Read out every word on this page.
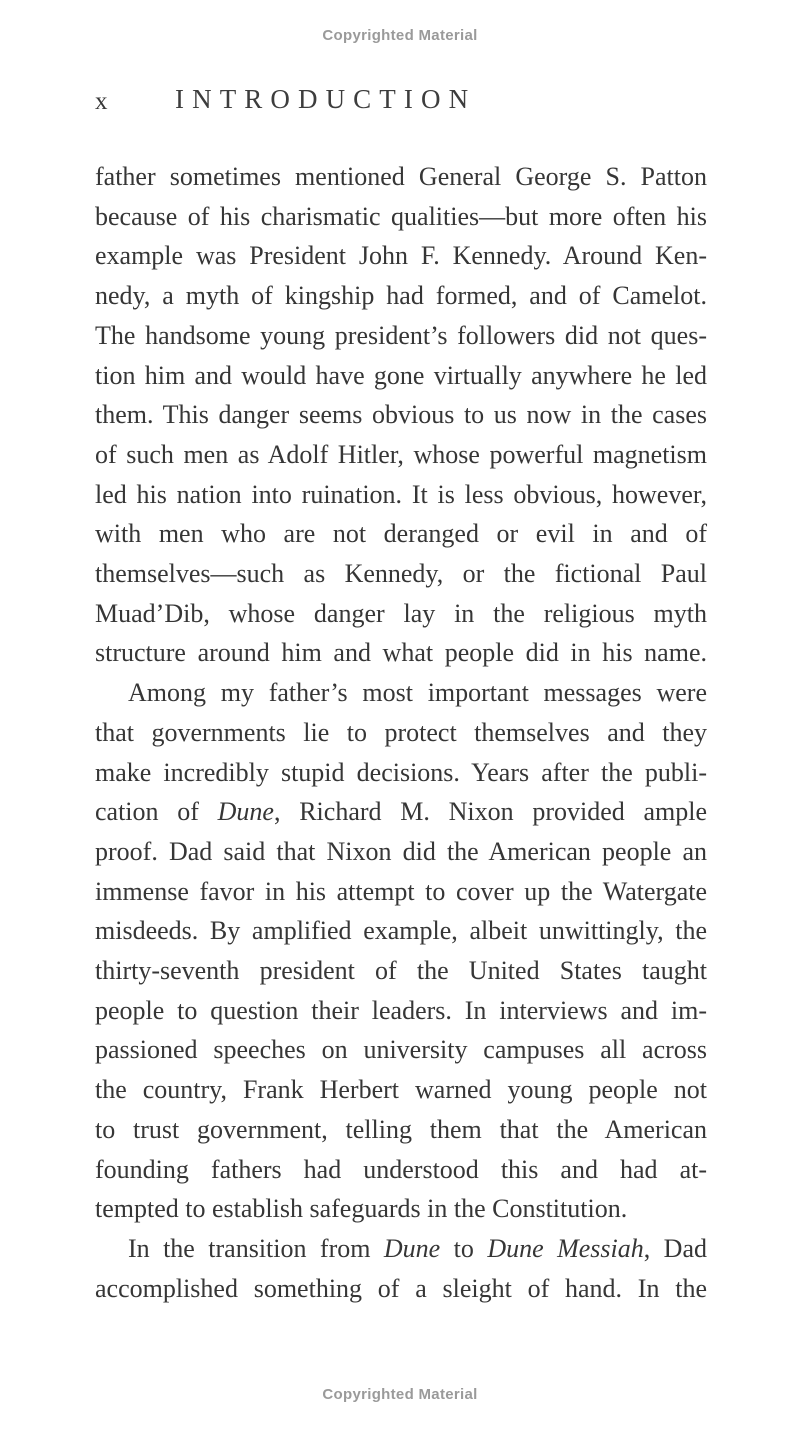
Copyrighted Material
x	INTRODUCTION
father sometimes mentioned General George S. Patton
because of his charismatic qualities—but more often his
example was President John F. Kennedy. Around Ken-
nedy, a myth of kingship had formed, and of Camelot.
The handsome young president’s followers did not ques-
tion him and would have gone virtually anywhere he led
them. This danger seems obvious to us now in the cases
of such men as Adolf Hitler, whose powerful magnetism
led his nation into ruination. It is less obvious, however,
with men who are not deranged or evil in and of
themselves—such as Kennedy, or the fictional Paul
Muad’Dib, whose danger lay in the religious myth
structure around him and what people did in his name.
Among my father’s most important messages were
that governments lie to protect themselves and they
make incredibly stupid decisions. Years after the publi-
cation of Dune, Richard M. Nixon provided ample
proof. Dad said that Nixon did the American people an
immense favor in his attempt to cover up the Watergate
misdeeds. By amplified example, albeit unwittingly, the
thirty-seventh president of the United States taught
people to question their leaders. In interviews and im-
passioned speeches on university campuses all across
the country, Frank Herbert warned young people not
to trust government, telling them that the American
founding fathers had understood this and had at-
tempted to establish safeguards in the Constitution.
In the transition from Dune to Dune Messiah, Dad
accomplished something of a sleight of hand. In the
Copyrighted Material
